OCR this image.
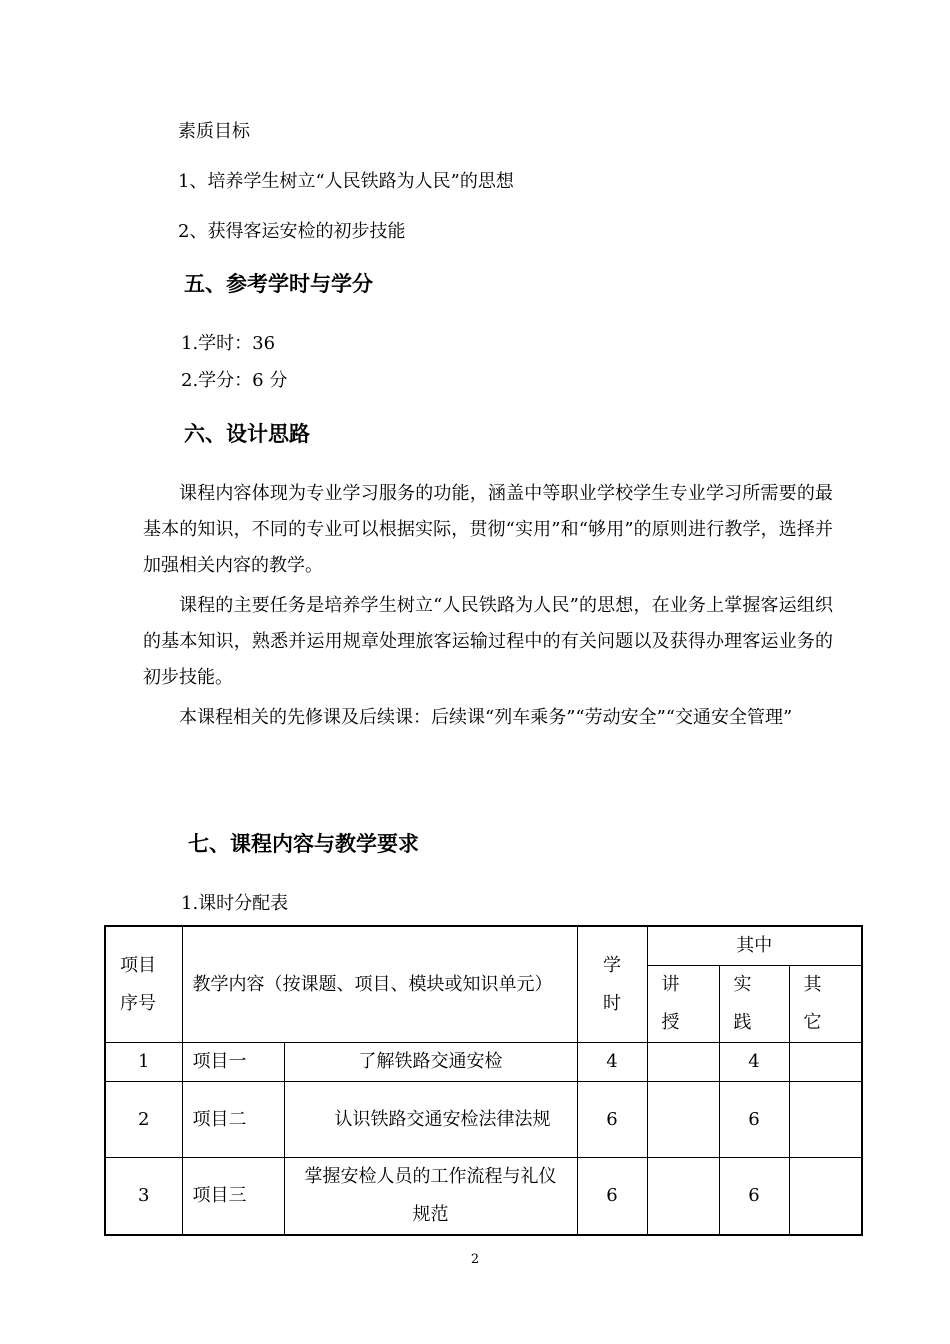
素质目标
1、培养学生树立“人民铁路为人民”的思想
2、获得客运安检的初步技能
五、参考学时与学分
1.学时：36
2.学分：6 分
六、设计思路
课程内容体现为专业学习服务的功能，涵盖中等职业学校学生专业学习所需要的最基本的知识，不同的专业可以根据实际，贯彻“实用”和“够用”的原则进行教学，选择并加强相关内容的教学。
课程的主要任务是培养学生树立“人民铁路为人民”的思想，在业务上掌握客运组织的基本知识，熟悉并运用规章处理旅客运输过程中的有关问题以及获得办理客运业务的初步技能。
本课程相关的先修课及后续课：后续课“列车乘务”“劳动安全”“交通安全管理”
七、课程内容与教学要求
1.课时分配表
项目序号	教学内容（按课题、项目、模块或知识单元）		学时	其中		
				讲授	实践	其它
1	项目一	了解铁路交通安检	4		4	
2	项目二	认识铁路交通安检法律法规	6		6	
3	项目三	掌握安检人员的工作流程与礼仪规范	6		6	
2
